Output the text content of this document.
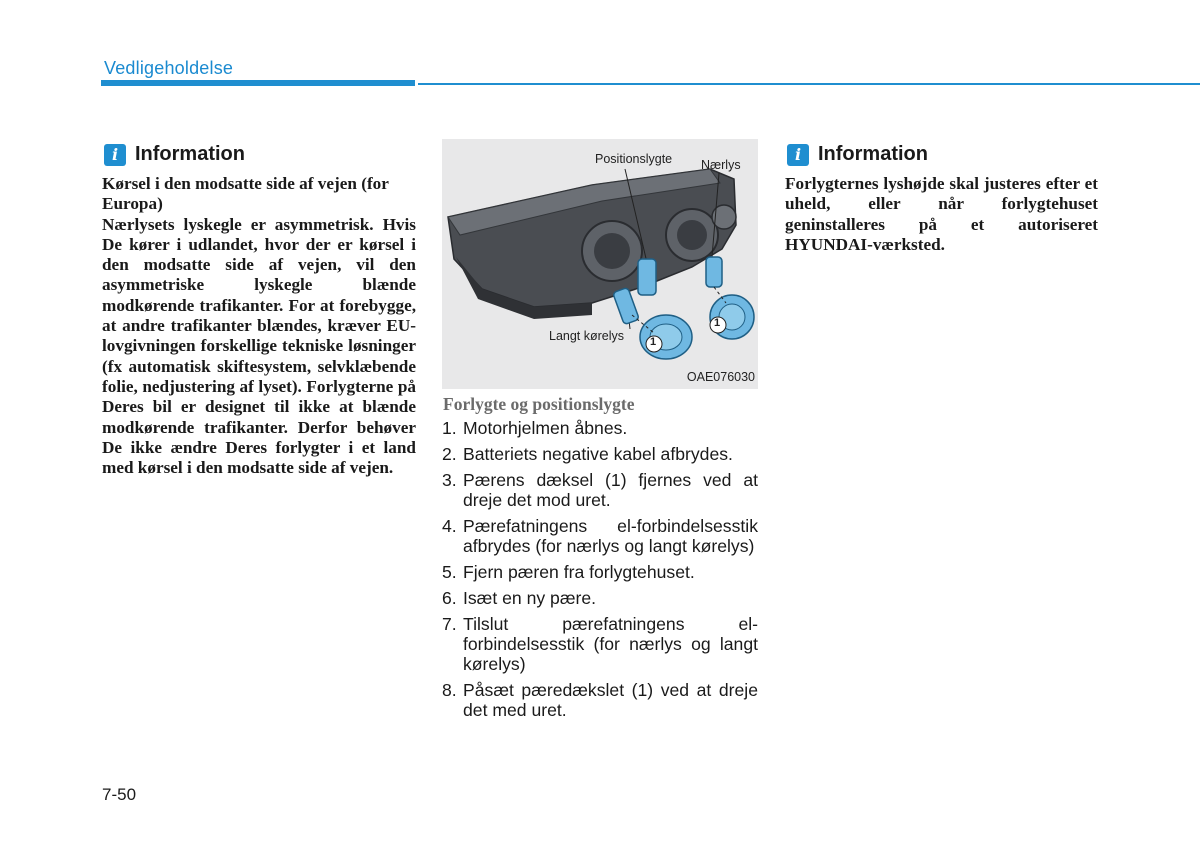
Vedligeholdelse
i Information

Kørsel i den modsatte side af vejen (for Europa)

Nærlysets lyskegle er asymmetrisk. Hvis De kører i udlandet, hvor der er kørsel i den modsatte side af vejen, vil den asymmetriske lyskegle blænde modkørende trafikanter. For at forebygge, at andre trafikanter blændes, kræver EU-lovgivningen forskellige tekniske løsninger (fx automatisk skiftesystem, selvklæbende folie, nedjustering af lyset). Forlygterne på Deres bil er designet til ikke at blænde modkørende trafikanter. Derfor behøver De ikke ændre Deres forlygter i et land med kørsel i den modsatte side af vejen.

Positionslygte Nærlys
Langt kørelys 1
1
OAE076030
Forlygte og positionslygte
1. Motorhjelmen åbnes.
2. Batteriets negative kabel afbrydes.
3. Pærens dæksel (1) fjernes ved at dreje det mod uret.
4. Pærefatningens el-forbindelsesstik afbrydes (for nærlys og langt kørelys)
5. Fjern pæren fra forlygtehuset.
6. Isæt en ny pære.
7. Tilslut pærefatningens el-forbindelsesstik (for nærlys og langt kørelys)
8. Påsæt pæredækslet (1) ved at dreje det med uret.
i Information

Forlygternes lyshøjde skal justeres efter et uheld, eller når forlygtehuset geninstalleres på et autoriseret HYUNDAI-værksted.

7-50
